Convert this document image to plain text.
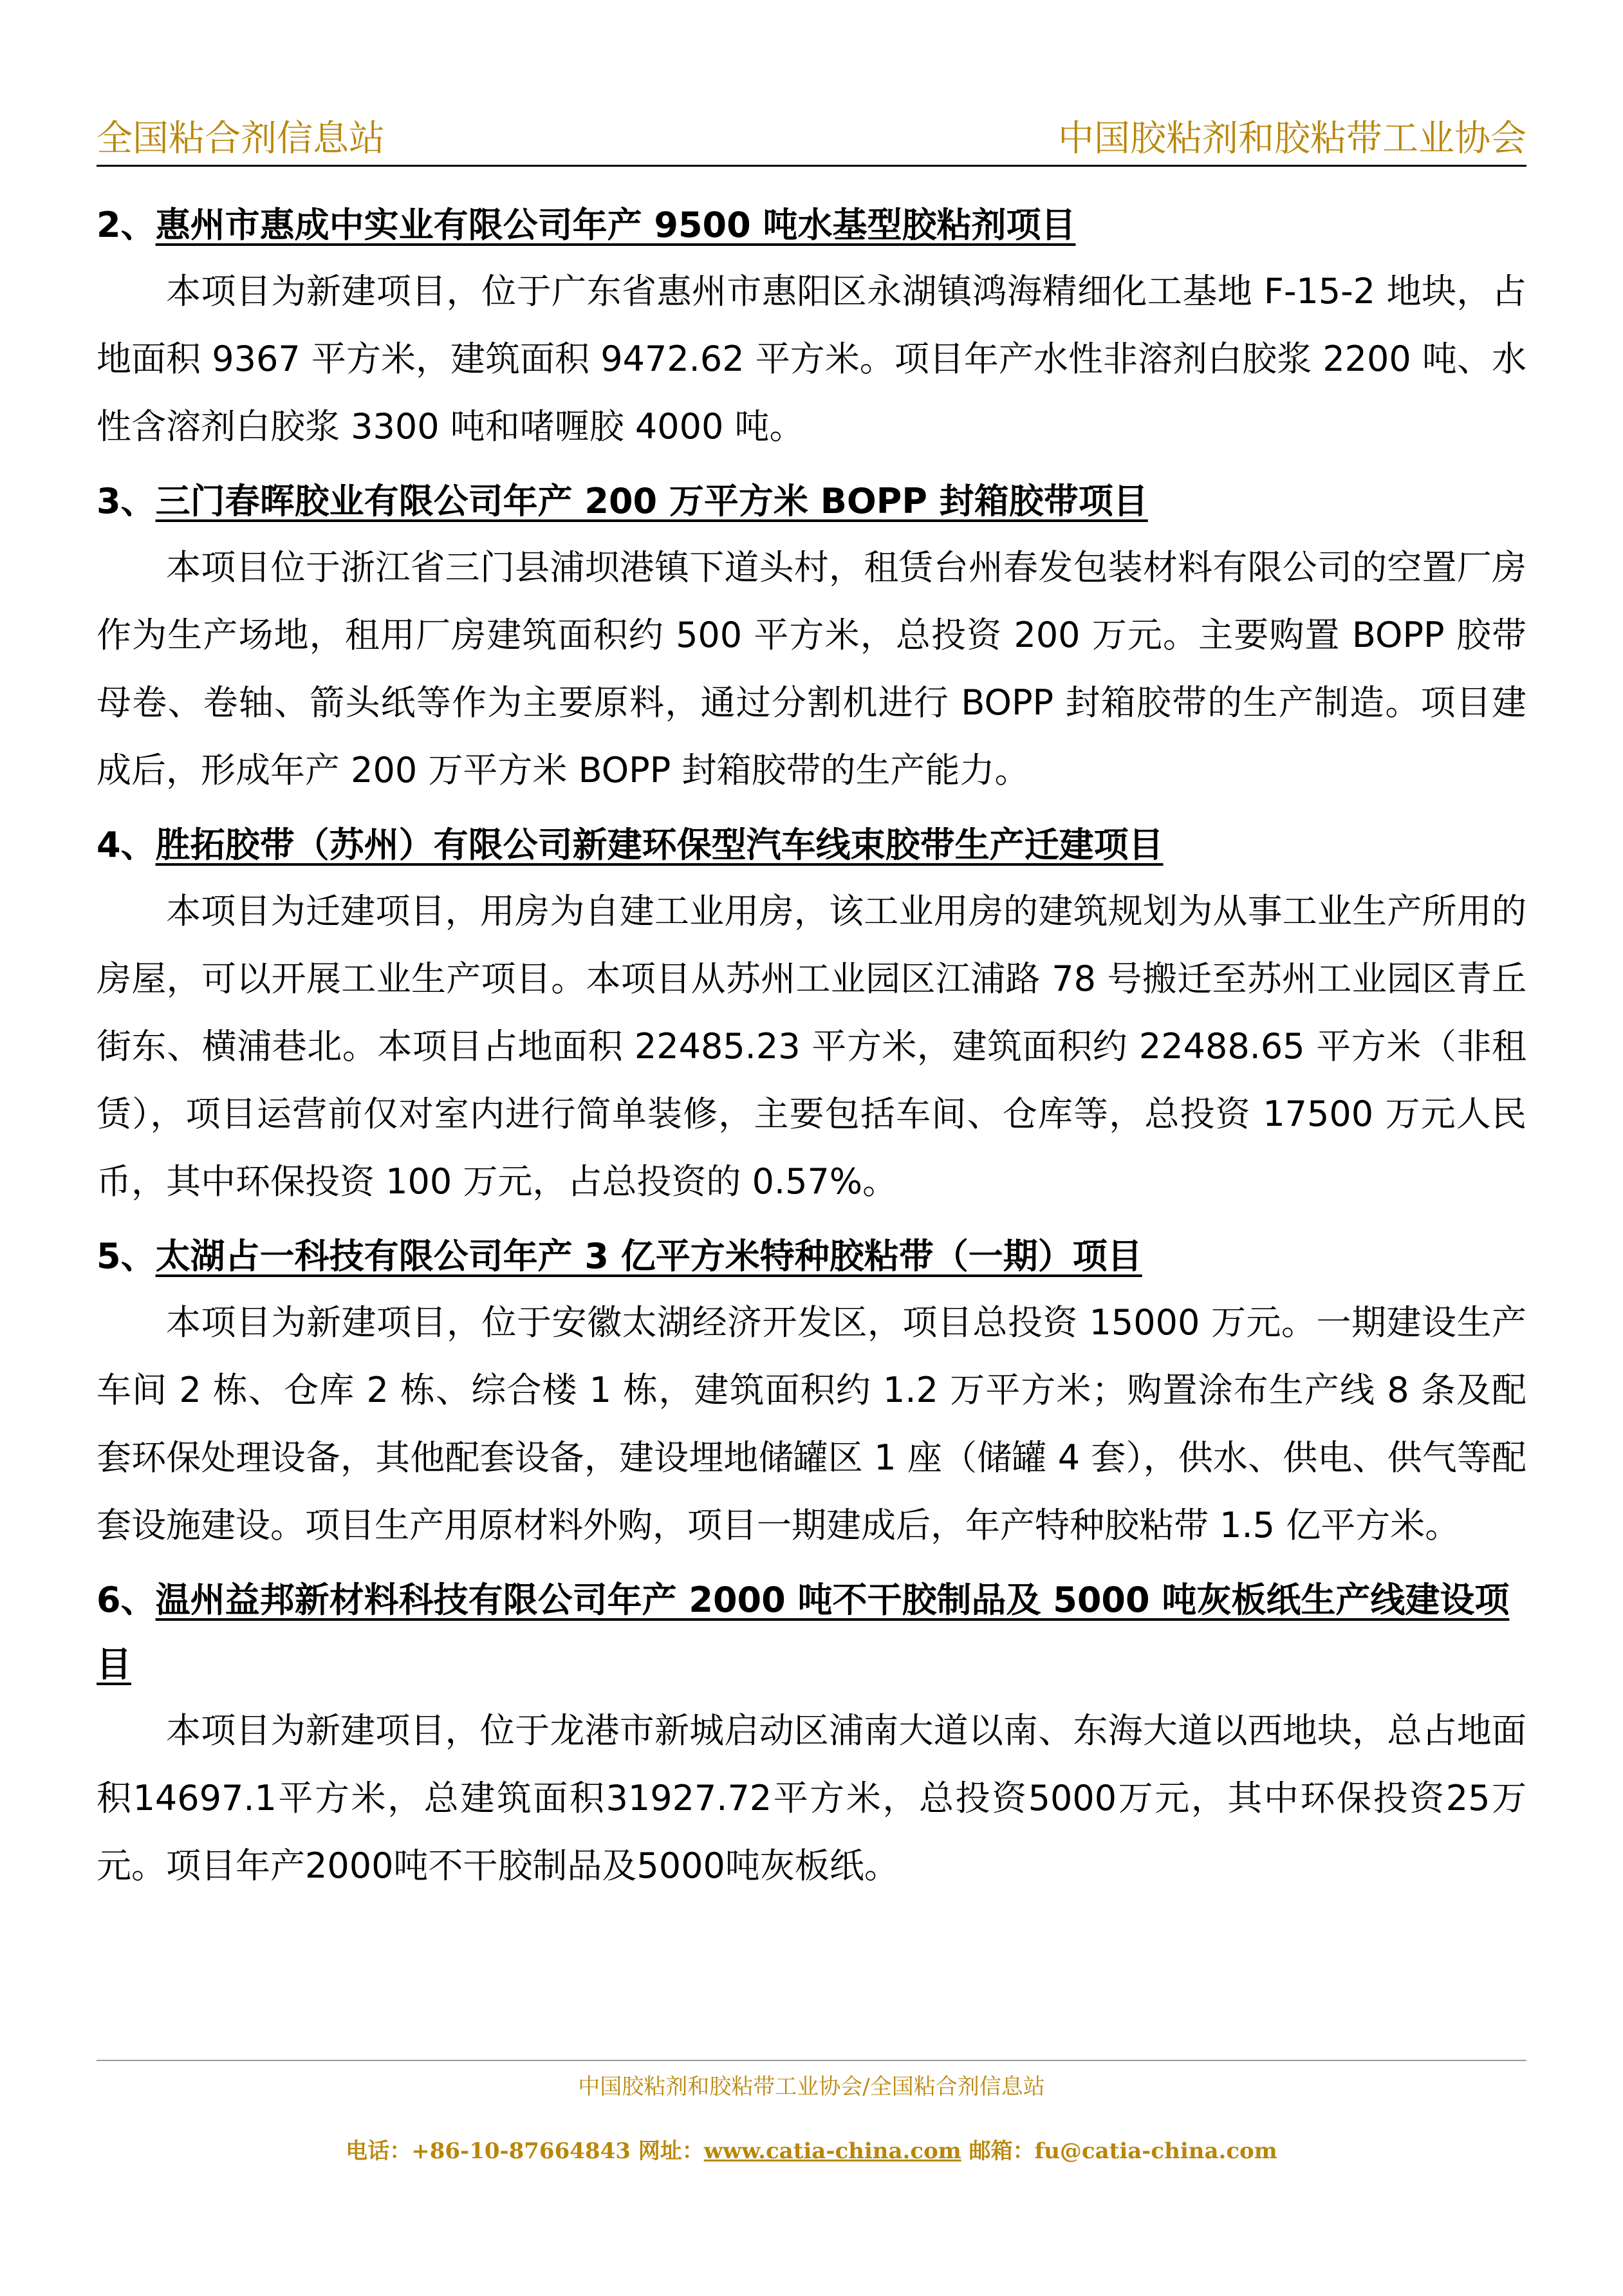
全国粘合剂信息站	中国胶粘剂和胶粘带工业协会

2、惠州市惠成中实业有限公司年产 9500 吨水基型胶粘剂项目

本项目为新建项目，位于广东省惠州市惠阳区永湖镇鸿海精细化工基地 F-15-2 地块，占地面积 9367 平方米，建筑面积 9472.62 平方米。项目年产水性非溶剂白胶浆 2200 吨、水性含溶剂白胶浆 3300 吨和啫喱胶 4000 吨。

3、三门春晖胶业有限公司年产 200 万平方米 BOPP 封箱胶带项目

本项目位于浙江省三门县浦坝港镇下道头村，租赁台州春发包装材料有限公司的空置厂房作为生产场地，租用厂房建筑面积约 500 平方米，总投资 200 万元。主要购置 BOPP 胶带母卷、卷轴、箭头纸等作为主要原料，通过分割机进行 BOPP 封箱胶带的生产制造。项目建成后，形成年产 200 万平方米 BOPP 封箱胶带的生产能力。

4、胜拓胶带（苏州）有限公司新建环保型汽车线束胶带生产迁建项目

本项目为迁建项目，用房为自建工业用房，该工业用房的建筑规划为从事工业生产所用的房屋，可以开展工业生产项目。本项目从苏州工业园区江浦路 78 号搬迁至苏州工业园区青丘街东、横浦巷北。本项目占地面积 22485.23 平方米，建筑面积约 22488.65 平方米（非租赁），项目运营前仅对室内进行简单装修，主要包括车间、仓库等，总投资 17500 万元人民币，其中环保投资 100 万元，占总投资的 0.57%。

5、太湖占一科技有限公司年产 3 亿平方米特种胶粘带（一期）项目

本项目为新建项目，位于安徽太湖经济开发区，项目总投资 15000 万元。一期建设生产车间 2 栋、仓库 2 栋、综合楼 1 栋，建筑面积约 1.2 万平方米；购置涂布生产线 8 条及配套环保处理设备，其他配套设备，建设埋地储罐区 1 座（储罐 4 套），供水、供电、供气等配套设施建设。项目生产用原材料外购，项目一期建成后，年产特种胶粘带 1.5 亿平方米。

6、温州益邦新材料科技有限公司年产 2000 吨不干胶制品及 5000 吨灰板纸生产线建设项目

本项目为新建项目，位于龙港市新城启动区浦南大道以南、东海大道以西地块，总占地面积14697.1平方米，总建筑面积31927.72平方米，总投资5000万元，其中环保投资25万元。项目年产2000吨不干胶制品及5000吨灰板纸。

中国胶粘剂和胶粘带工业协会/全国粘合剂信息站
电话：+86-10-87664843 网址：www.catia-china.com 邮箱：fu@catia-china.com
